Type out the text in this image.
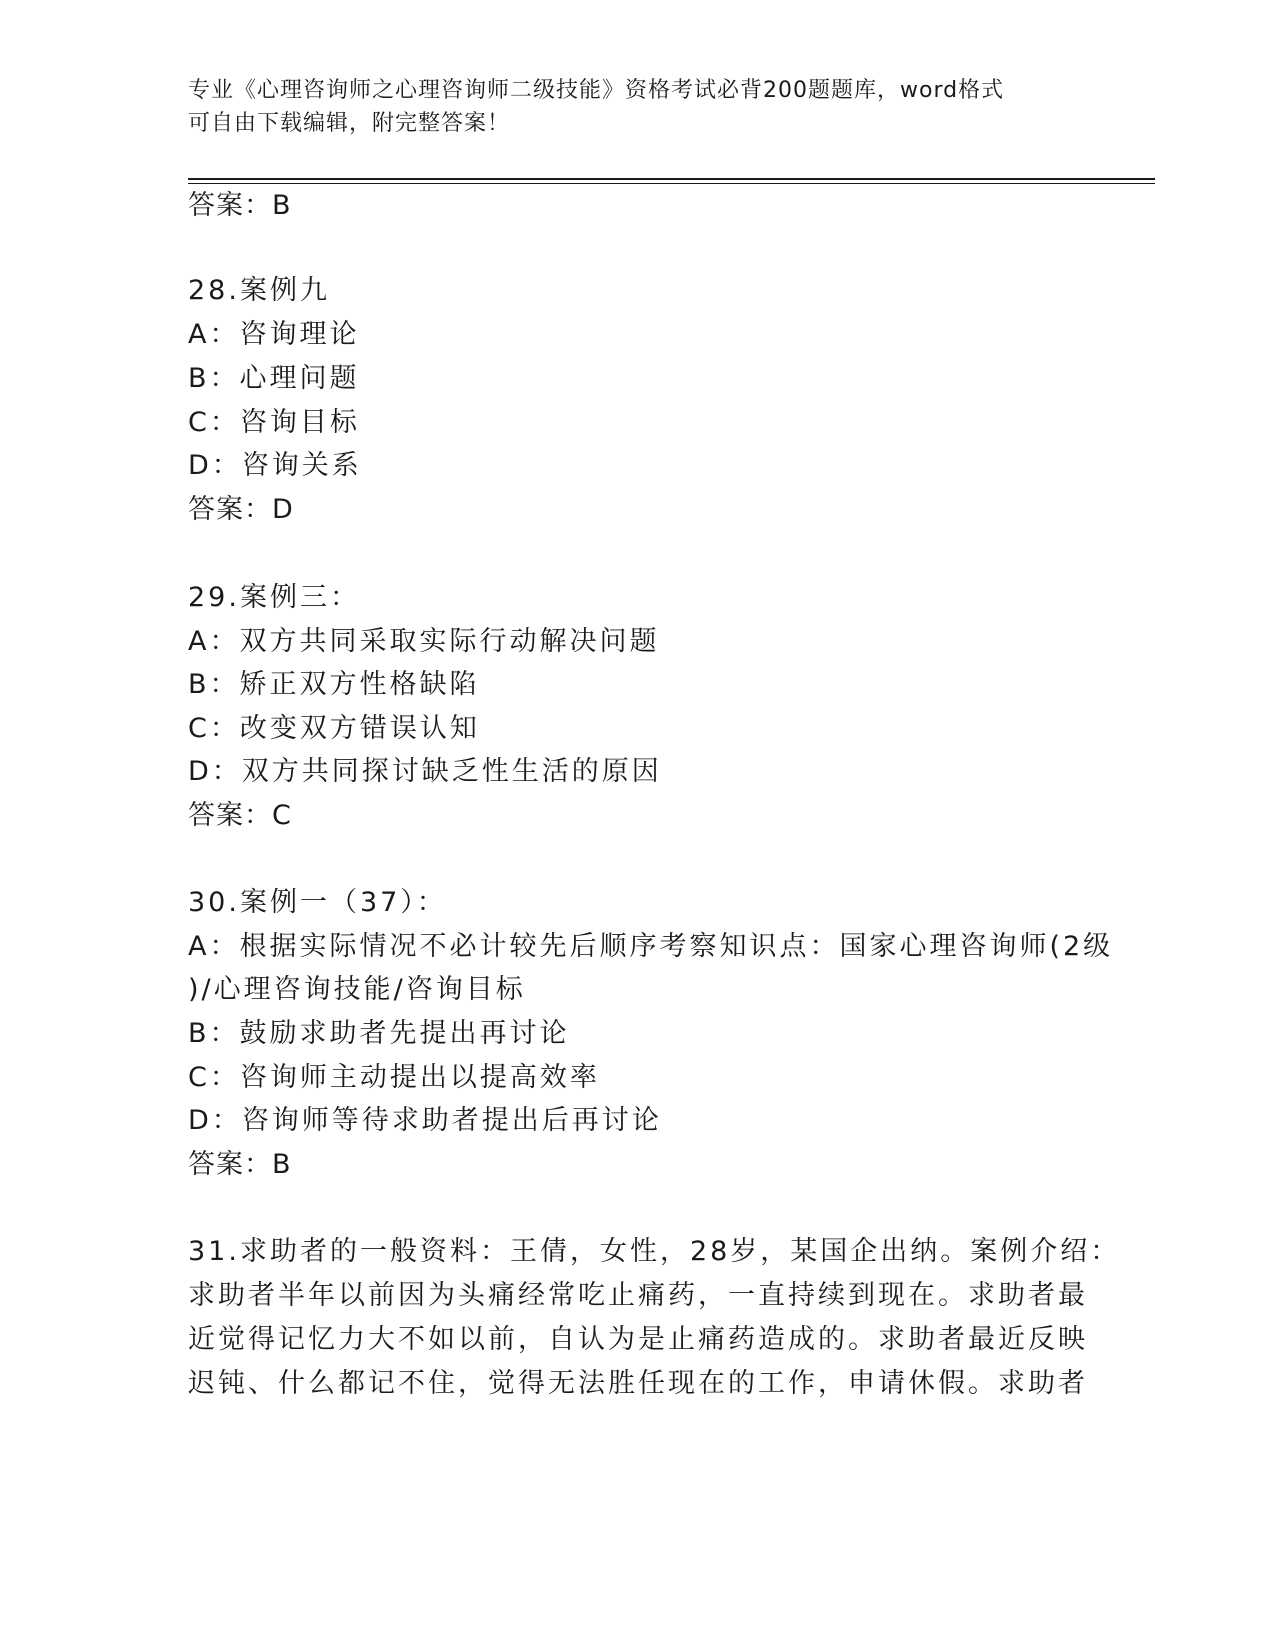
专业《心理咨询师之心理咨询师二级技能》资格考试必背200题题库，word格式
可自由下载编辑，附完整答案！
答案：B
28.案例九
A：咨询理论
B：心理问题
C：咨询目标
D：咨询关系
答案：D
29.案例三：
A：双方共同采取实际行动解决问题
B：矫正双方性格缺陷
C：改变双方错误认知
D：双方共同探讨缺乏性生活的原因
答案：C
30.案例一（37）：
A：根据实际情况不必计较先后顺序考察知识点：国家心理咨询师(2级
)/心理咨询技能/咨询目标
B：鼓励求助者先提出再讨论
C：咨询师主动提出以提高效率
D：咨询师等待求助者提出后再讨论
答案：B
31.求助者的一般资料：王倩，女性，28岁，某国企出纳。案例介绍：
求助者半年以前因为头痛经常吃止痛药，一直持续到现在。求助者最
近觉得记忆力大不如以前，自认为是止痛药造成的。求助者最近反映
迟钝、什么都记不住，觉得无法胜任现在的工作，申请休假。求助者
